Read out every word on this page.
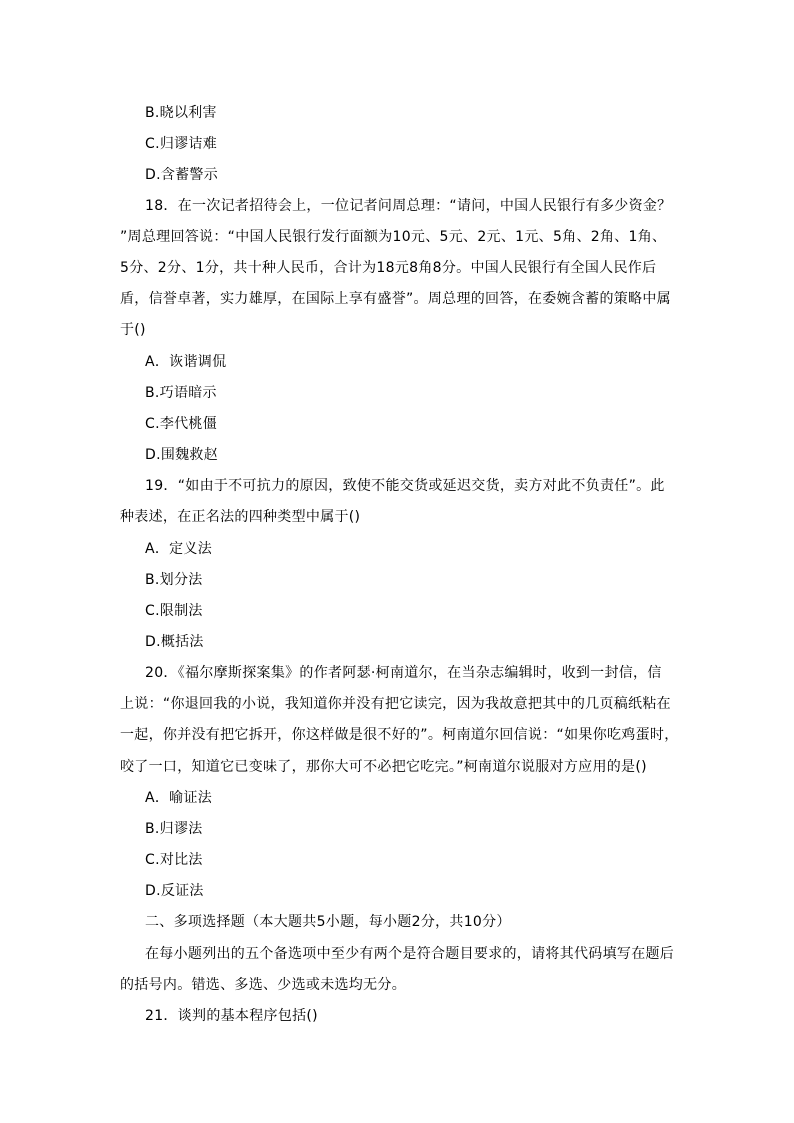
B.晓以利害
C.归谬诘难
D.含蓄警示
18．在一次记者招待会上，一位记者问周总理：“请问，中国人民银行有多少资金？
”周总理回答说：“中国人民银行发行面额为10元、5元、2元、1元、5角、2角、1角、
5分、2分、1分，共十种人民币，合计为18元8角8分。中国人民银行有全国人民作后
盾，信誉卓著，实力雄厚，在国际上享有盛誉”。周总理的回答，在委婉含蓄的策略中属
于()
A．诙谐调侃
B.巧语暗示
C.李代桃僵
D.围魏救赵
19．“如由于不可抗力的原因，致使不能交货或延迟交货，卖方对此不负责任”。此
种表述，在正名法的四种类型中属于()
A．定义法
B.划分法
C.限制法
D.概括法
20．《福尔摩斯探案集》的作者阿瑟·柯南道尔，在当杂志编辑时，收到一封信，信
上说：“你退回我的小说，我知道你并没有把它读完，因为我故意把其中的几页稿纸粘在
一起，你并没有把它拆开，你这样做是很不好的”。柯南道尔回信说：“如果你吃鸡蛋时，
咬了一口，知道它已变味了，那你大可不必把它吃完。”柯南道尔说服对方应用的是()
A．喻证法
B.归谬法
C.对比法
D.反证法
二、多项选择题（本大题共5小题，每小题2分，共10分）
在每小题列出的五个备选项中至少有两个是符合题目要求的，请将其代码填写在题后
的括号内。错选、多选、少选或未选均无分。
21．谈判的基本程序包括()
